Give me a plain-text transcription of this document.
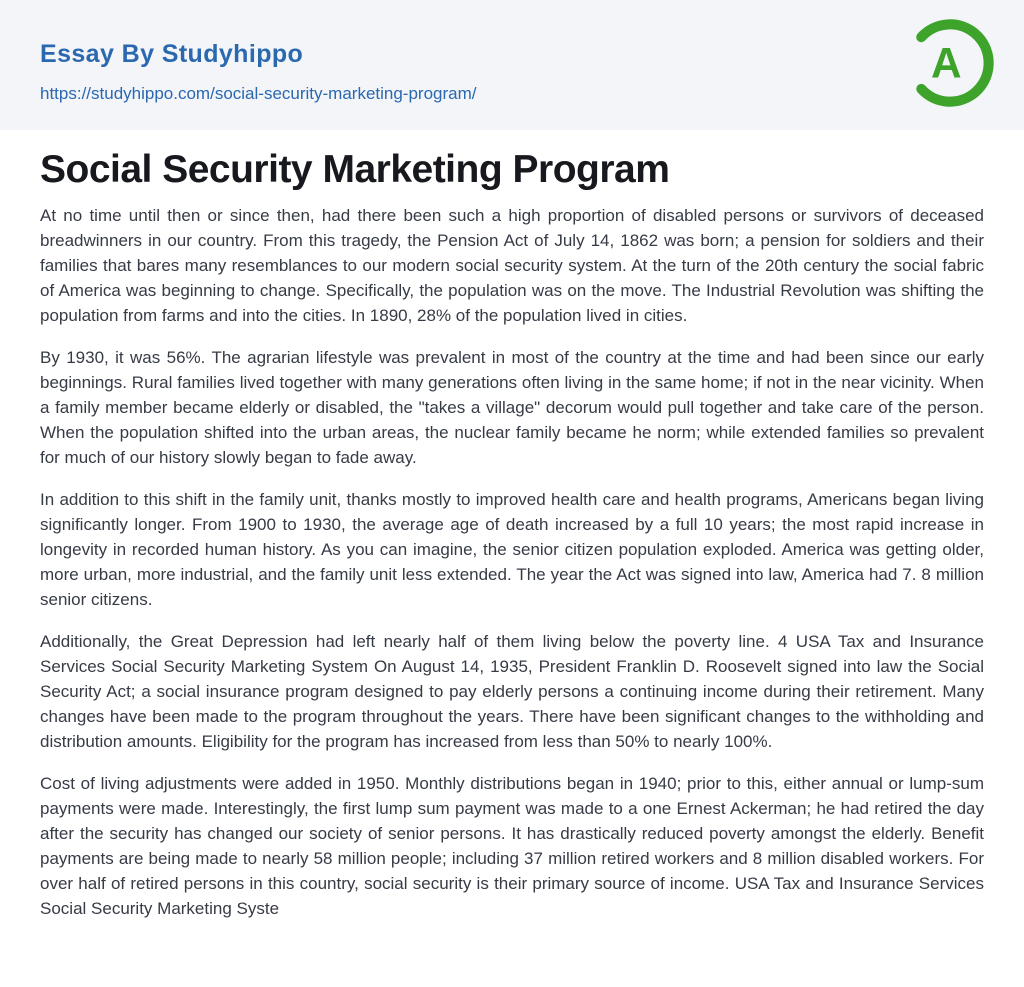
Essay By Studyhippo
https://studyhippo.com/social-security-marketing-program/
A
Social Security Marketing Program

At no time until then or since then, had there been such a high proportion of disabled persons or survivors of deceased breadwinners in our country. From this tragedy, the Pension Act of July 14, 1862 was born; a pension for soldiers and their families that bares many resemblances to our modern social security system. At the turn of the 20th century the social fabric of America was beginning to change. Specifically, the population was on the move. The Industrial Revolution was shifting the population from farms and into the cities. In 1890, 28% of the population lived in cities.

By 1930, it was 56%. The agrarian lifestyle was prevalent in most of the country at the time and had been since our early beginnings. Rural families lived together with many generations often living in the same home; if not in the near vicinity. When a family member became elderly or disabled, the "takes a village" decorum would pull together and take care of the person. When the population shifted into the urban areas, the nuclear family became he norm; while extended families so prevalent for much of our history slowly began to fade away.

In addition to this shift in the family unit, thanks mostly to improved health care and health programs, Americans began living significantly longer. From 1900 to 1930, the average age of death increased by a full 10 years; the most rapid increase in longevity in recorded human history. As you can imagine, the senior citizen population exploded. America was getting older, more urban, more industrial, and the family unit less extended. The year the Act was signed into law, America had 7. 8 million senior citizens.

Additionally, the Great Depression had left nearly half of them living below the poverty line. 4 USA Tax and Insurance Services Social Security Marketing System On August 14, 1935, President Franklin D. Roosevelt signed into law the Social Security Act; a social insurance program designed to pay elderly persons a continuing income during their retirement. Many changes have been made to the program throughout the years. There have been significant changes to the withholding and distribution amounts. Eligibility for the program has increased from less than 50% to nearly 100%.

Cost of living adjustments were added in 1950. Monthly distributions began in 1940; prior to this, either annual or lump-sum payments were made. Interestingly, the first lump sum payment was made to a one Ernest Ackerman; he had retired the day after the security has changed our society of senior persons. It has drastically reduced poverty amongst the elderly. Benefit payments are being made to nearly 58 million people; including 37 million retired workers and 8 million disabled workers. For over half of retired persons in this country, social security is their primary source of income. USA Tax and Insurance Services Social Security Marketing Syste
